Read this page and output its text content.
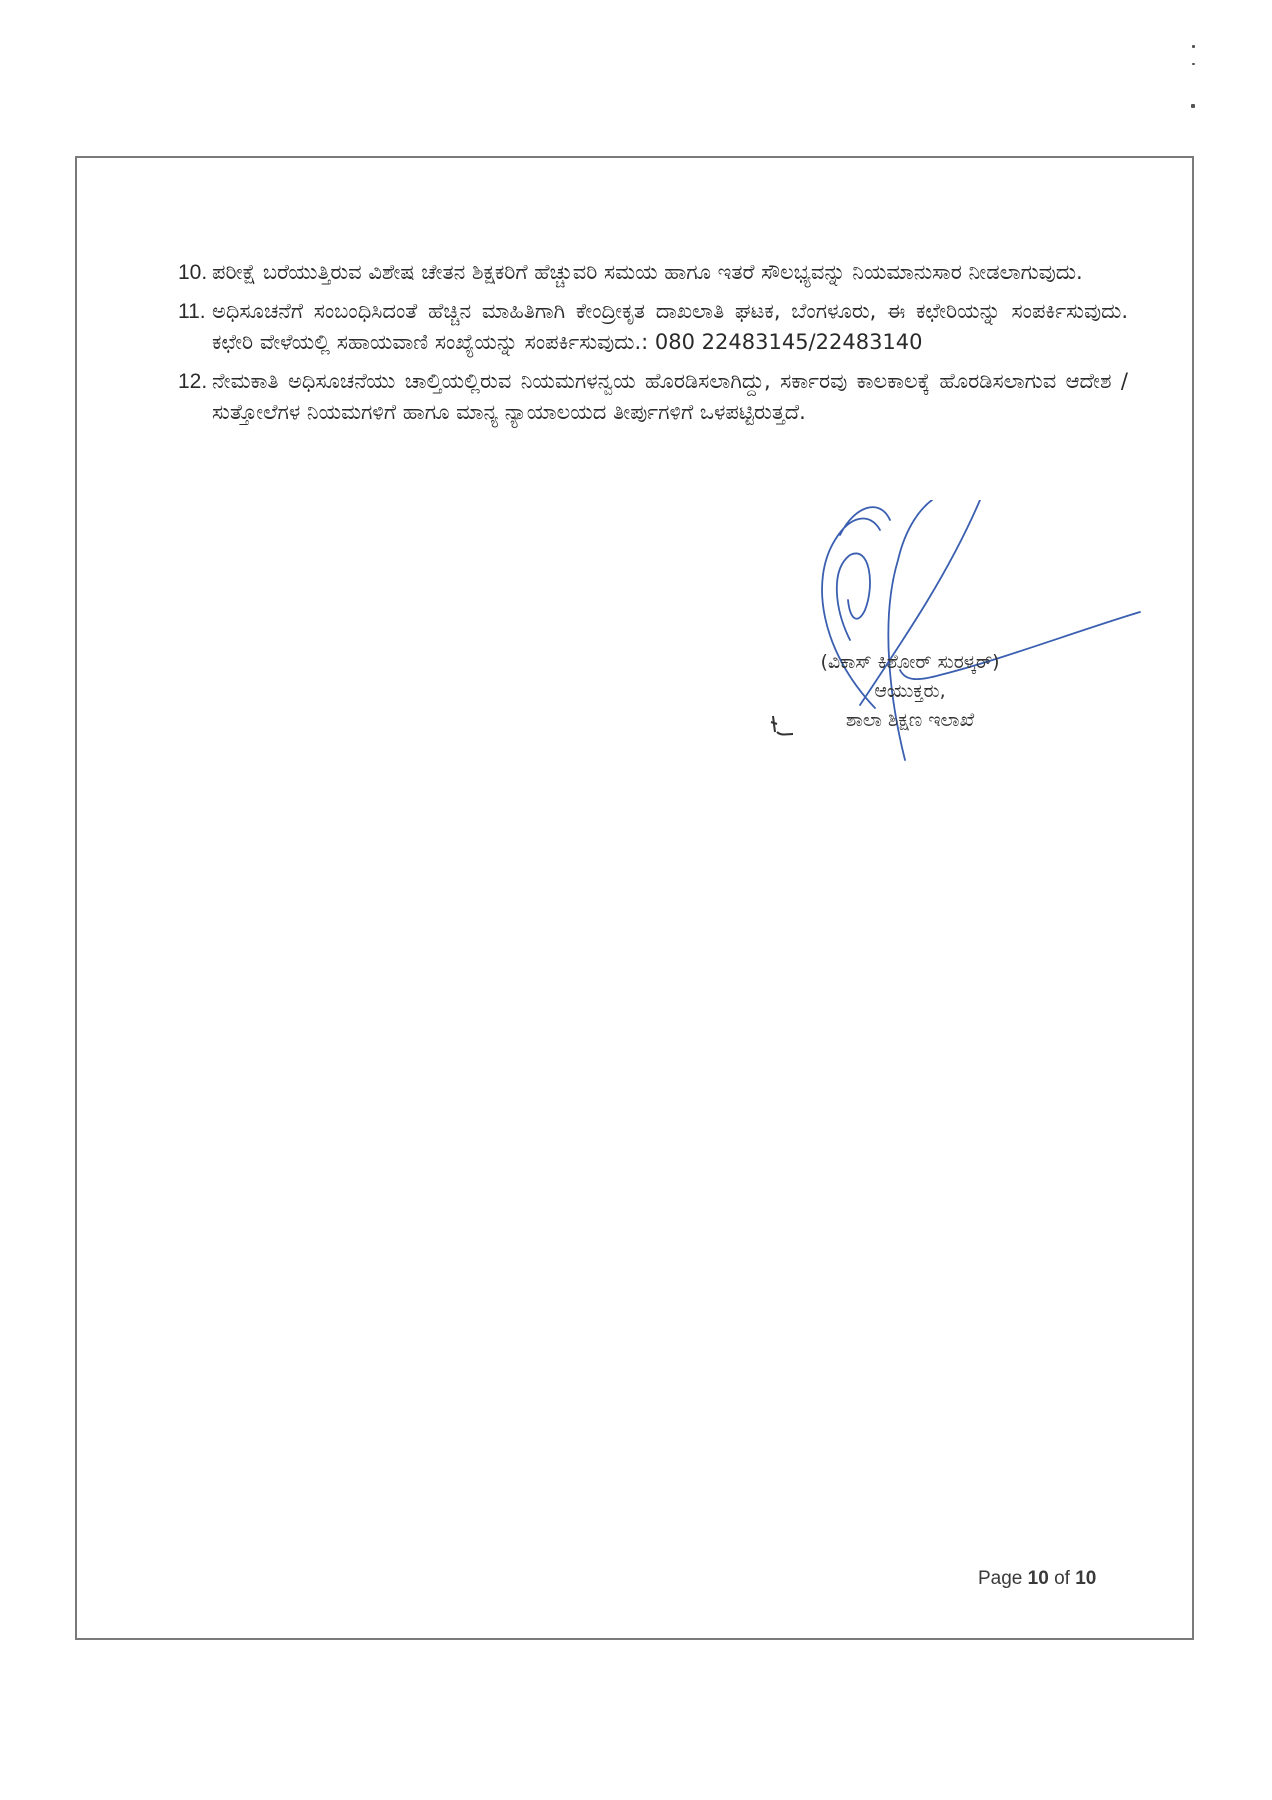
10. ಪರೀಕ್ಷೆ ಬರೆಯುತ್ತಿರುವ ವಿಶೇಷ ಚೇತನ ಶಿಕ್ಷಕರಿಗೆ ಹೆಚ್ಚುವರಿ ಸಮಯ ಹಾಗೂ ಇತರೆ ಸೌಲಭ್ಯವನ್ನು ನಿಯಮಾನುಸಾರ ನೀಡಲಾಗುವುದು.
11. ಅಧಿಸೂಚನೆಗೆ ಸಂಬಂಧಿಸಿದಂತೆ ಹೆಚ್ಚಿನ ಮಾಹಿತಿಗಾಗಿ ಕೇಂದ್ರೀಕೃತ ದಾಖಲಾತಿ ಘಟಕ, ಬೆಂಗಳೂರು, ಈ ಕಛೇರಿಯನ್ನು ಸಂಪರ್ಕಿಸುವುದು. ಕಛೇರಿ ವೇಳೆಯಲ್ಲಿ ಸಹಾಯವಾಣಿ ಸಂಖ್ಯೆಯನ್ನು ಸಂಪರ್ಕಿಸುವುದು.: 080 22483145/22483140
12. ನೇಮಕಾತಿ ಅಧಿಸೂಚನೆಯು ಚಾಲ್ತಿಯಲ್ಲಿರುವ ನಿಯಮಗಳನ್ವಯ ಹೊರಡಿಸಲಾಗಿದ್ದು, ಸರ್ಕಾರವು ಕಾಲಕಾಲಕ್ಕೆ ಹೊರಡಿಸಲಾಗುವ ಆದೇಶ / ಸುತ್ತೋಲೆಗಳ ನಿಯಮಗಳಿಗೆ ಹಾಗೂ ಮಾನ್ಯ ನ್ಯಾಯಾಲಯದ ತೀರ್ಪುಗಳಿಗೆ ಒಳಪಟ್ಟಿರುತ್ತದೆ.
(ವಿಕಾಸ್ ಕಿಶೋರ್ ಸುರಳ್ಕರ್)
ಆಯುಕ್ತರು,
ಶಾಲಾ ಶಿಕ್ಷಣ ಇಲಾಖೆ
Page 10 of 10
